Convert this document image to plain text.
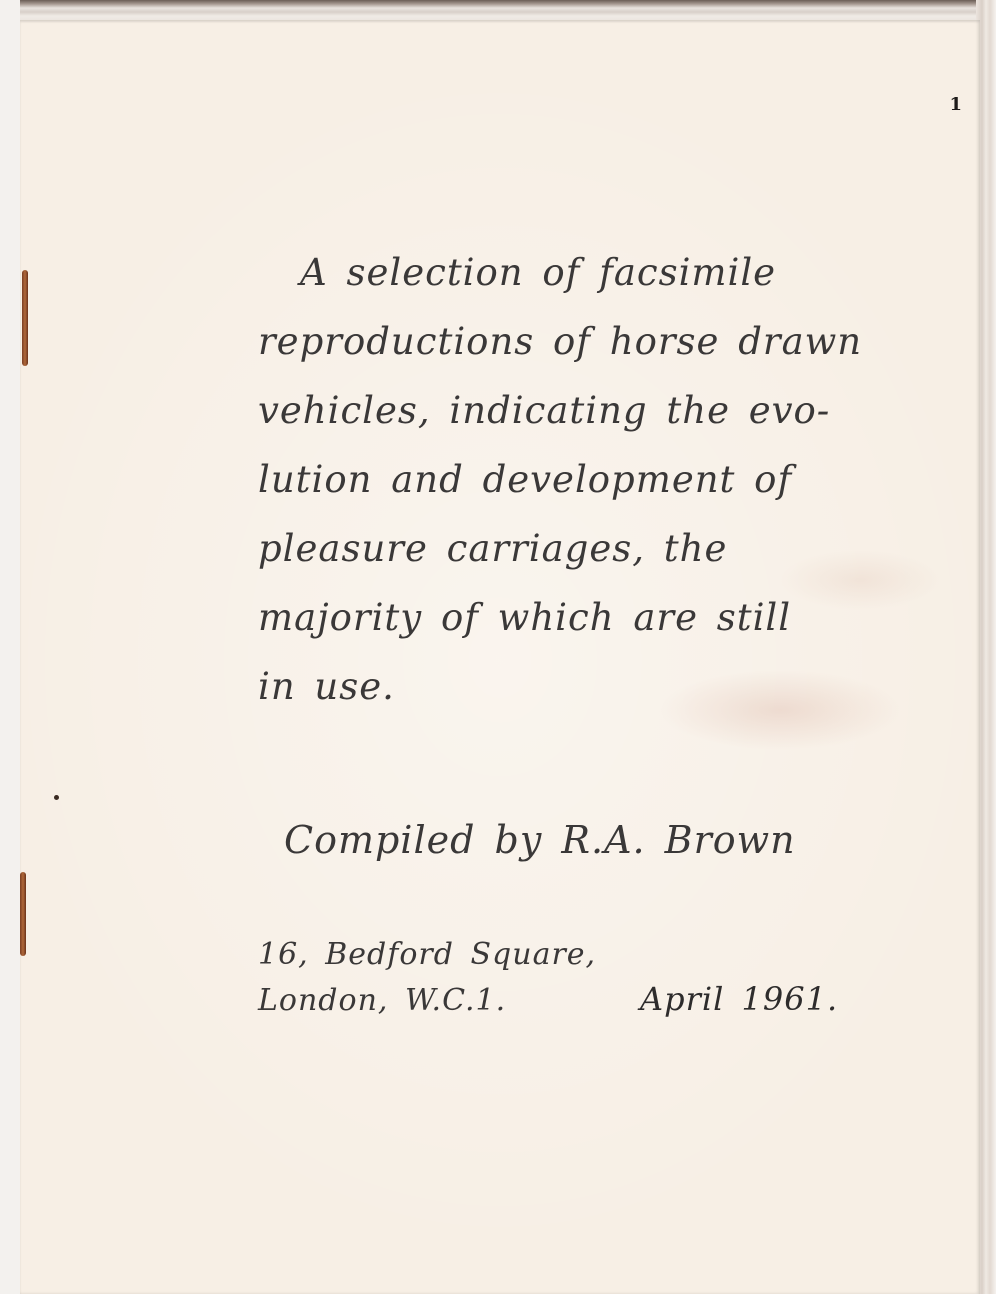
1

A selection of facsimile
reproductions of horse drawn
vehicles, indicating the evo-
lution and development of
pleasure carriages, the
majority of which are still
in use.

Compiled by R.A. Brown
16, Bedford Square,
London, W.C.1.	April 1961.
